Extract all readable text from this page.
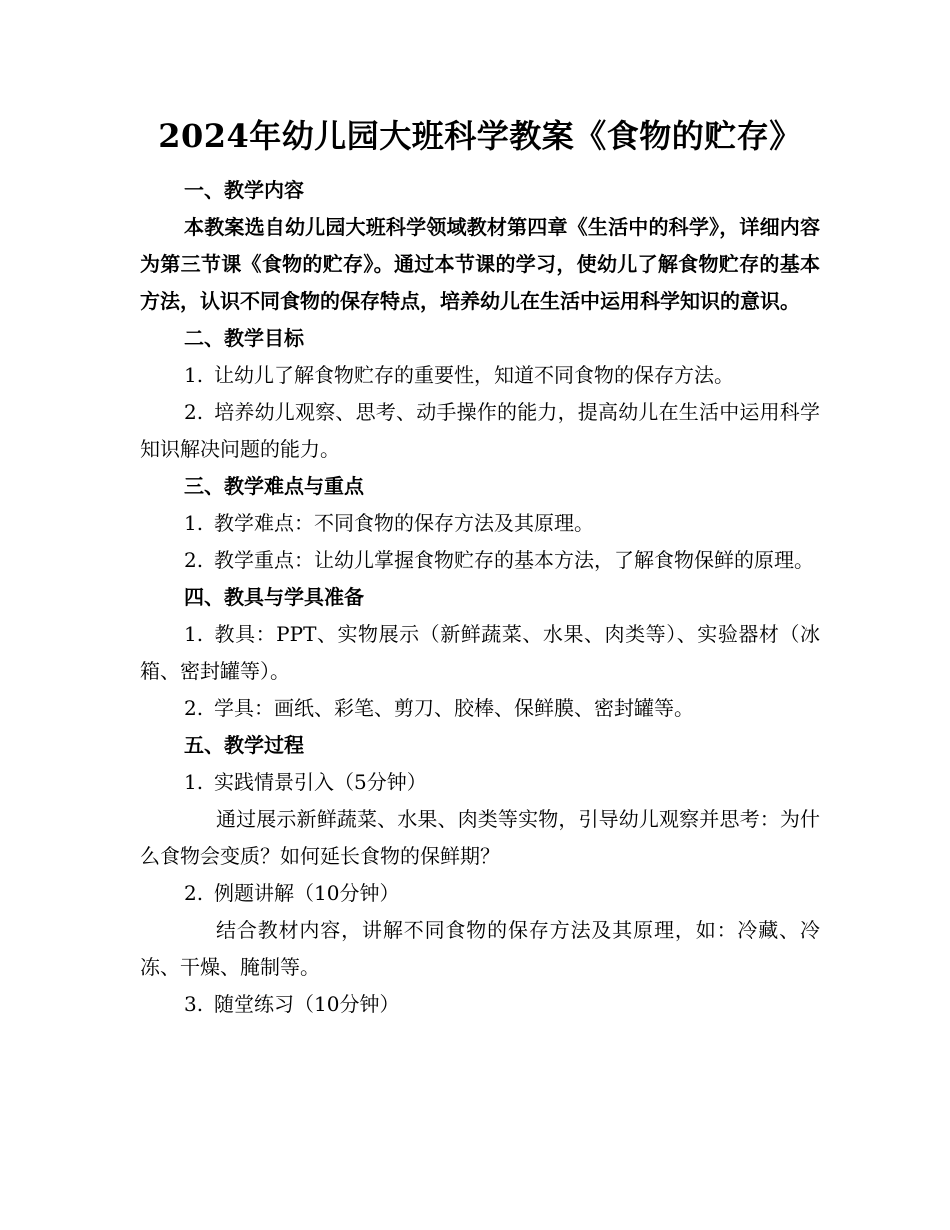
2024年幼儿园大班科学教案《食物的贮存》

一、教学内容

本教案选自幼儿园大班科学领域教材第四章《生活中的科学》，详细内容为第三节课《食物的贮存》。通过本节课的学习，使幼儿了解食物贮存的基本方法，认识不同食物的保存特点，培养幼儿在生活中运用科学知识的意识。

二、教学目标

1. 让幼儿了解食物贮存的重要性，知道不同食物的保存方法。

2. 培养幼儿观察、思考、动手操作的能力，提高幼儿在生活中运用科学知识解决问题的能力。

三、教学难点与重点

1. 教学难点：不同食物的保存方法及其原理。

2. 教学重点：让幼儿掌握食物贮存的基本方法，了解食物保鲜的原理。

四、教具与学具准备

1. 教具：PPT、实物展示（新鲜蔬菜、水果、肉类等）、实验器材（冰箱、密封罐等）。

2. 学具：画纸、彩笔、剪刀、胶棒、保鲜膜、密封罐等。

五、教学过程

1. 实践情景引入（5分钟）

通过展示新鲜蔬菜、水果、肉类等实物，引导幼儿观察并思考：为什么食物会变质？如何延长食物的保鲜期？

2. 例题讲解（10分钟）

结合教材内容，讲解不同食物的保存方法及其原理，如：冷藏、冷冻、干燥、腌制等。

3. 随堂练习（10分钟）
